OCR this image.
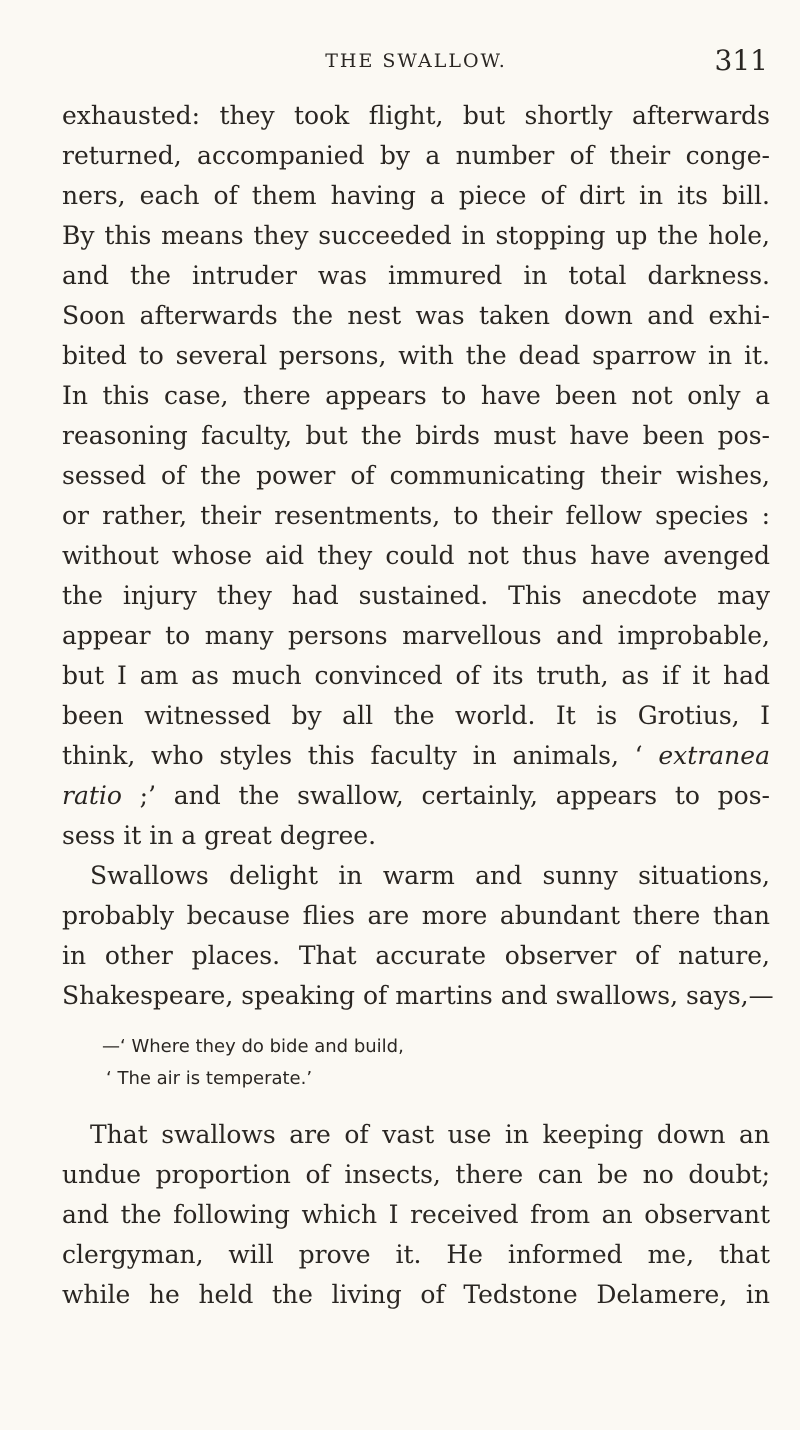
THE SWALLOW.	311
exhausted: they took flight, but shortly afterwards
returned, accompanied by a number of their conge-
ners, each of them having a piece of dirt in its bill.
By this means they succeeded in stopping up the hole,
and the intruder was immured in total darkness.
Soon afterwards the nest was taken down and exhi-
bited to several persons, with the dead sparrow in it.
In this case, there appears to have been not only a
reasoning faculty, but the birds must have been pos-
sessed of the power of communicating their wishes,
or rather, their resentments, to their fellow species :
without whose aid they could not thus have avenged
the injury they had sustained. This anecdote may
appear to many persons marvellous and improbable,
but I am as much convinced of its truth, as if it had
been witnessed by all the world. It is Grotius, I
think, who styles this faculty in animals, ‘ extranea
ratio ;’ and the swallow, certainly, appears to pos-
sess it in a great degree.
Swallows delight in warm and sunny situations,
probably because flies are more abundant there than
in other places. That accurate observer of nature,
Shakespeare, speaking of martins and swallows, says,—
—‘ Where they do bide and build,
‘ The air is temperate.’
That swallows are of vast use in keeping down an
undue proportion of insects, there can be no doubt;
and the following which I received from an observant
clergyman, will prove it. He informed me, that
while he held the living of Tedstone Delamere, in
